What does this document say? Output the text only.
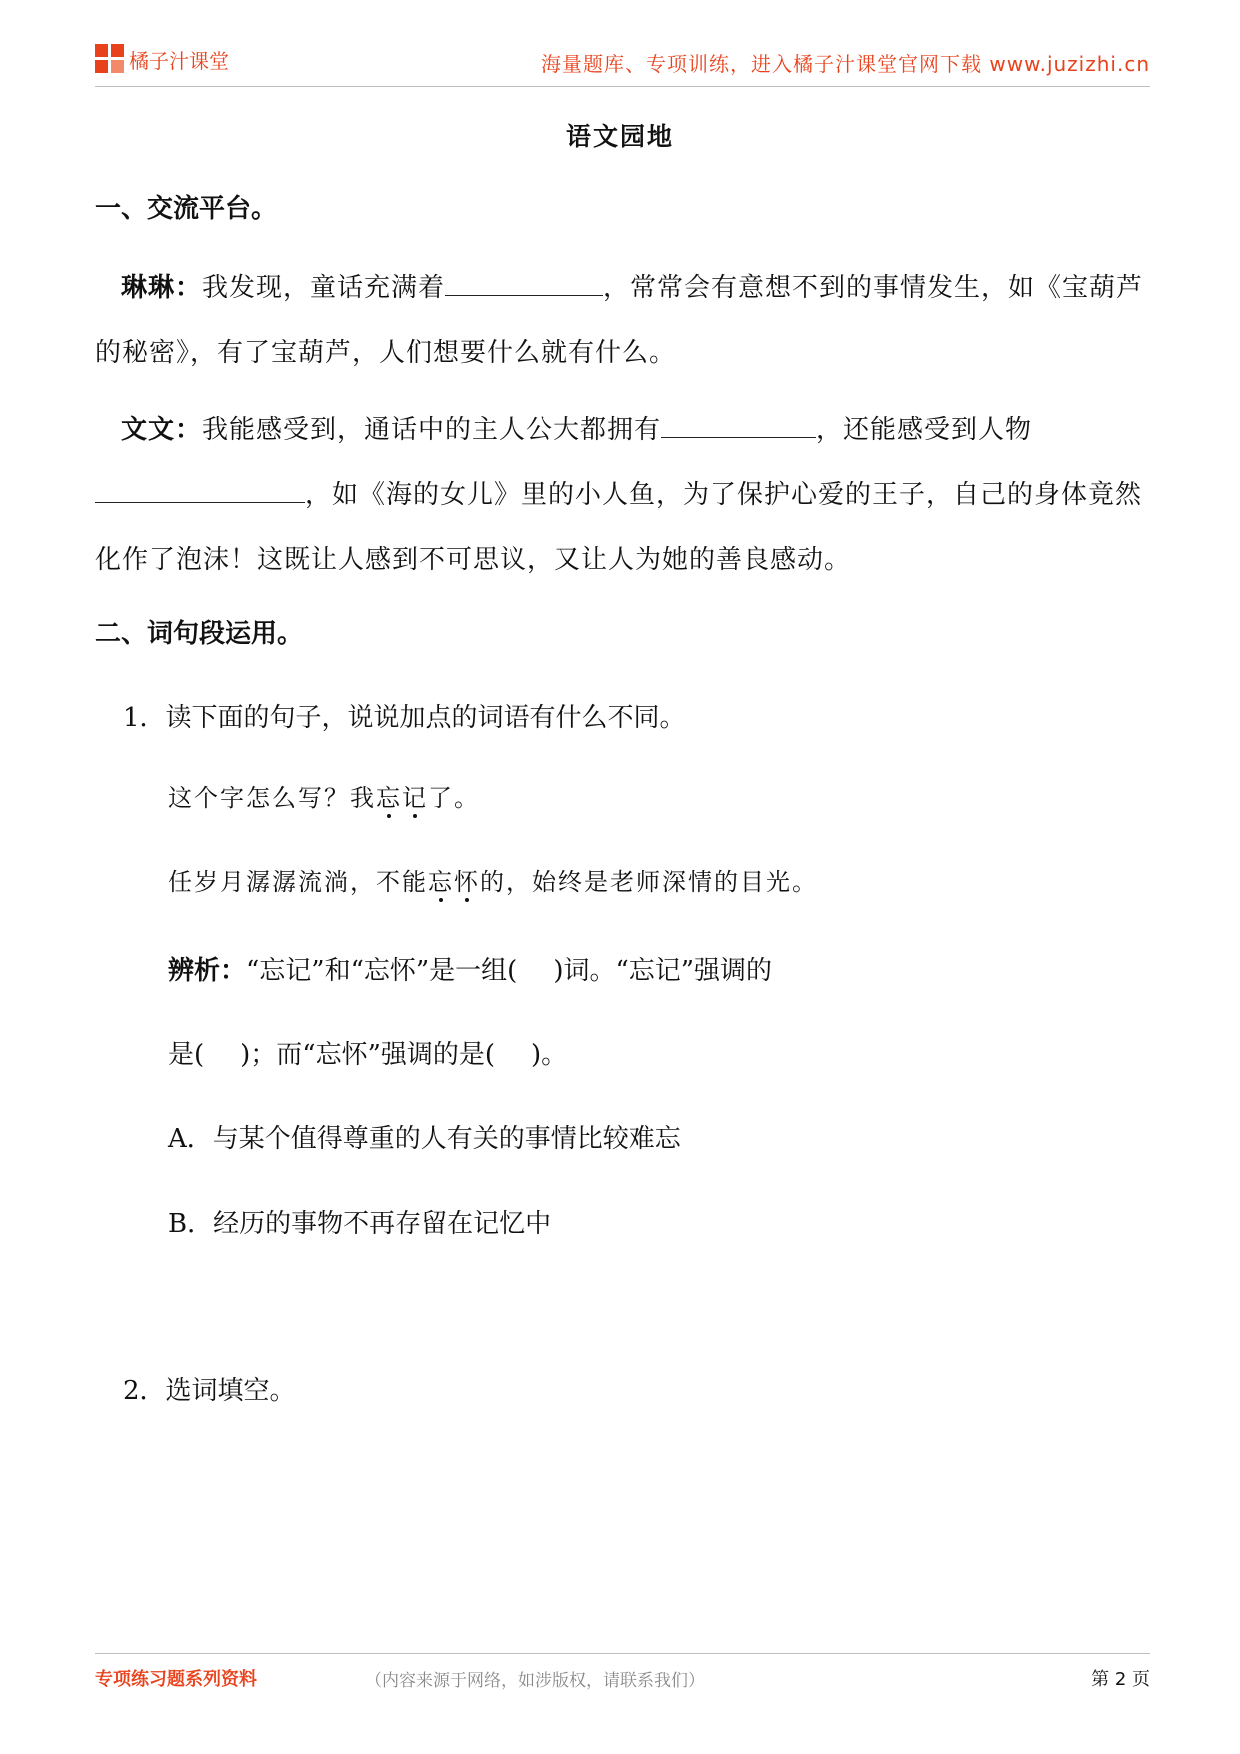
橘子汁课堂	海量题库、专项训练，进入橘子汁课堂官网下载 www.juzizhi.cn
语文园地
一、交流平台。
琳琳：我发现，童话充满着	，常常会有意想不到的事情发生，如《宝葫芦的秘密》，有了宝葫芦，人们想要什么就有什么。
文文：我能感受到，通话中的主人公大都拥有	，还能感受到人物，如《海的女儿》里的小人鱼，为了保护心爱的王子，自己的身体竟然化作了泡沫！这既让人感到不可思议，又让人为她的善良感动。
二、词句段运用。
1．读下面的句子，说说加点的词语有什么不同。
这个字怎么写？我忘记了。
任岁月潺潺流淌，不能忘怀的，始终是老师深情的目光。
辨析：“忘记”和“忘怀”是一组( )词。“忘记”强调的
是( )；而“忘怀”强调的是( )。
A．与某个值得尊重的人有关的事情比较难忘
B．经历的事物不再存留在记忆中
2．选词填空。
专项练习题系列资料	（内容来源于网络，如涉版权，请联系我们）	第 2 页
